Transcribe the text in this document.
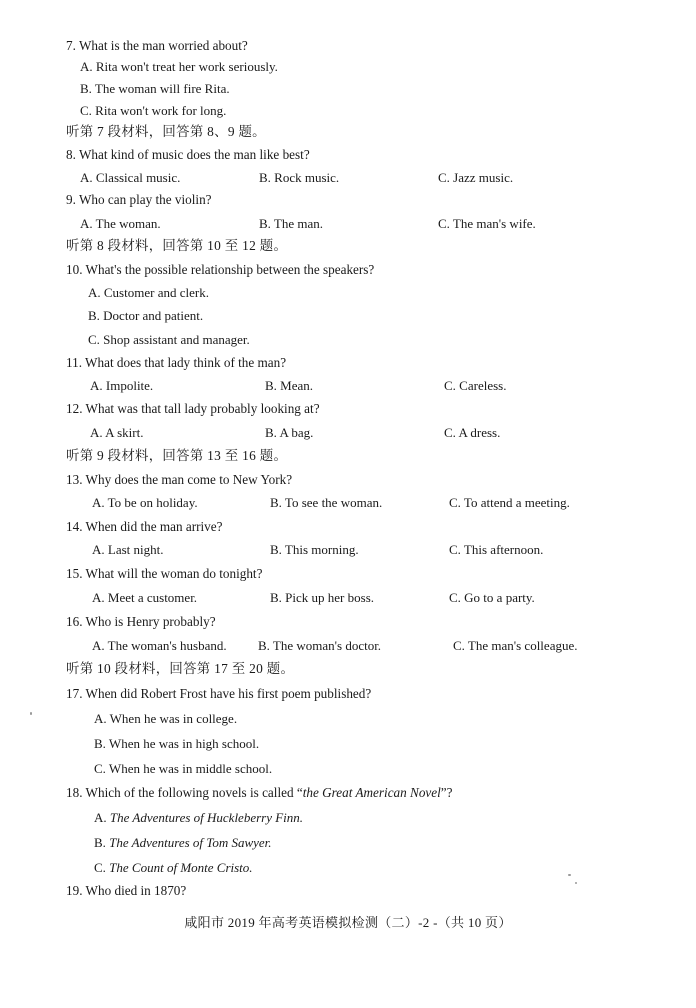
7. What is the man worried about?
A. Rita won't treat her work seriously.
B. The woman will fire Rita.
C. Rita won't work for long.
听第 7 段材料，回答第 8、9 题。
8. What kind of music does the man like best?
A. Classical music.	B. Rock music.	C. Jazz music.
9. Who can play the violin?
A. The woman.	B. The man.	C. The man's wife.
听第 8 段材料，回答第 10 至 12 题。
10. What's the possible relationship between the speakers?
A. Customer and clerk.
B. Doctor and patient.
C. Shop assistant and manager.
11. What does that lady think of the man?
A. Impolite.	B. Mean.	C. Careless.
12. What was that tall lady probably looking at?
A. A skirt.	B. A bag.	C. A dress.
听第 9 段材料，回答第 13 至 16 题。
13. Why does the man come to New York?
A. To be on holiday.	B. To see the woman.	C. To attend a meeting.
14. When did the man arrive?
A. Last night.	B. This morning.	C. This afternoon.
15. What will the woman do tonight?
A. Meet a customer.	B. Pick up her boss.	C. Go to a party.
16. Who is Henry probably?
A. The woman's husband. B. The woman's doctor.	C. The man's colleague.
听第 10 段材料，回答第 17 至 20 题。
17. When did Robert Frost have his first poem published?
A. When he was in college.
B. When he was in high school.
C. When he was in middle school.
18. Which of the following novels is called “the Great American Novel”?
A. The Adventures of Huckleberry Finn.
B. The Adventures of Tom Sawyer.
C. The Count of Monte Cristo.
19. Who died in 1870?
咸阳市 2019 年高考英语模拟检测（二）-2 -（共 10 页）
